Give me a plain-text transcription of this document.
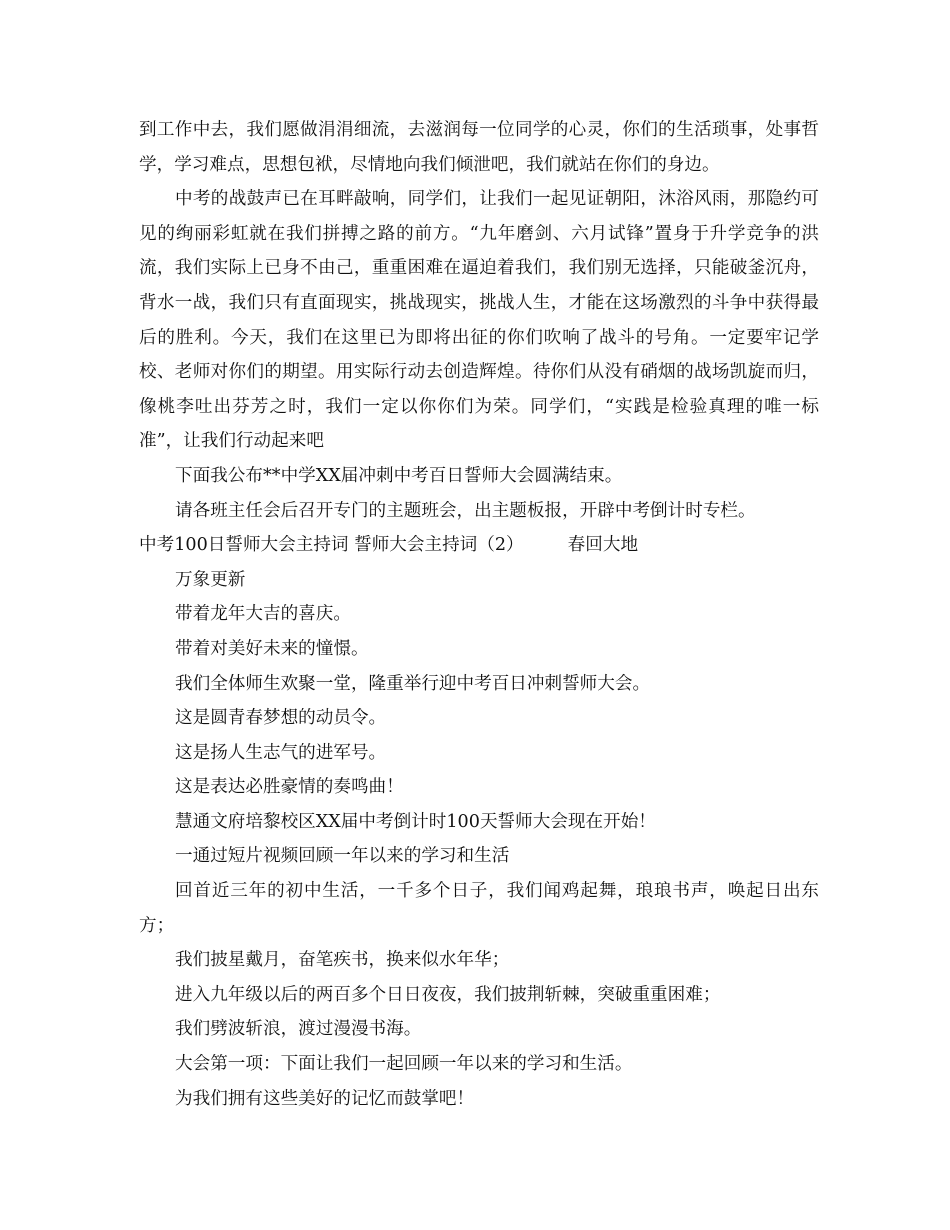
到工作中去，我们愿做涓涓细流，去滋润每一位同学的心灵，你们的生活琐事，处事哲学，学习难点，思想包袱，尽情地向我们倾泄吧，我们就站在你们的身边。

中考的战鼓声已在耳畔敲响，同学们，让我们一起见证朝阳，沐浴风雨，那隐约可见的绚丽彩虹就在我们拼搏之路的前方。“九年磨剑、六月试锋”置身于升学竞争的洪流，我们实际上已身不由己，重重困难在逼迫着我们，我们别无选择，只能破釜沉舟，背水一战，我们只有直面现实，挑战现实，挑战人生，才能在这场激烈的斗争中获得最后的胜利。今天，我们在这里已为即将出征的你们吹响了战斗的号角。一定要牢记学校、老师对你们的期望。用实际行动去创造辉煌。待你们从没有硝烟的战场凯旋而归，像桃李吐出芬芳之时，我们一定以你你们为荣。同学们，“实践是检验真理的唯一标准”，让我们行动起来吧

下面我公布**中学XX届冲刺中考百日誓师大会圆满结束。

请各班主任会后召开专门的主题班会，出主题板报，开辟中考倒计时专栏。

中考100日誓师大会主持词 誓师大会主持词（2）	春回大地

万象更新

带着龙年大吉的喜庆。

带着对美好未来的憧憬。

我们全体师生欢聚一堂，隆重举行迎中考百日冲刺誓师大会。

这是圆青春梦想的动员令。

这是扬人生志气的进军号。

这是表达必胜豪情的奏鸣曲！

慧通文府培黎校区XX届中考倒计时100天誓师大会现在开始！

一通过短片视频回顾一年以来的学习和生活

回首近三年的初中生活，一千多个日子，我们闻鸡起舞，琅琅书声，唤起日出东方；

我们披星戴月，奋笔疾书，换来似水年华；

进入九年级以后的两百多个日日夜夜，我们披荆斩棘，突破重重困难；

我们劈波斩浪，渡过漫漫书海。

大会第一项：下面让我们一起回顾一年以来的学习和生活。

为我们拥有这些美好的记忆而鼓掌吧！
